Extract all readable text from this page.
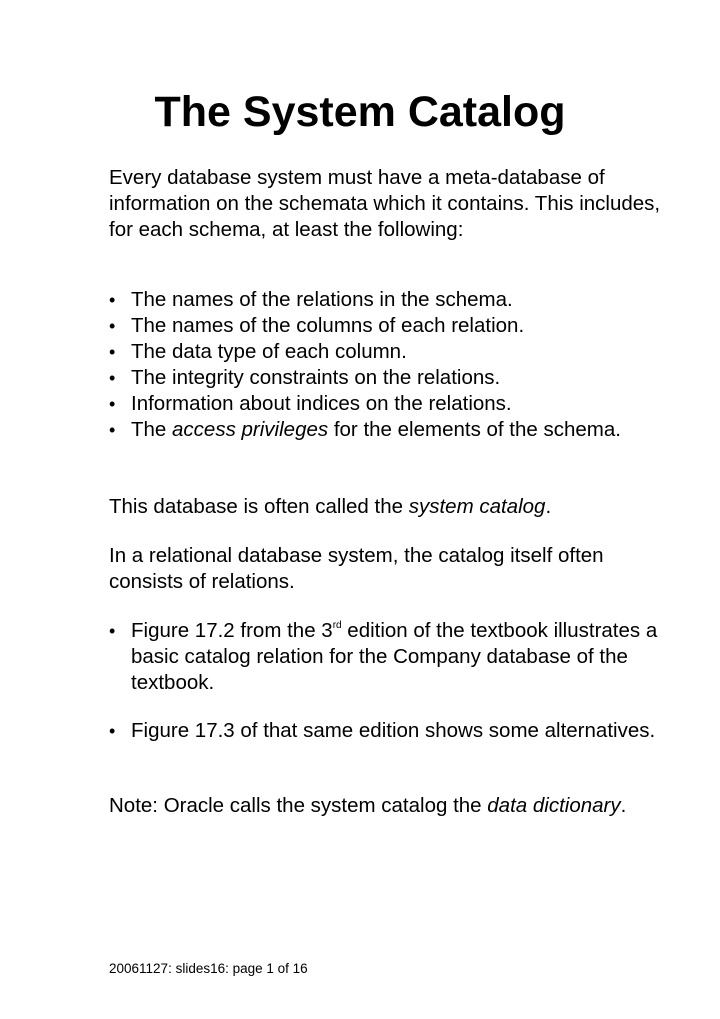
The System Catalog

Every database system must have a meta-database of information on the schemata which it contains. This includes, for each schema, at least the following:

•
The names of the relations in the schema.
•
The names of the columns of each relation.
•
The data type of each column.
•
The integrity constraints on the relations.
•
Information about indices on the relations.
•
The access privileges for the elements of the schema.

This database is often called the system catalog.

In a relational database system, the catalog itself often consists of relations.

•
Figure 17.2 from the 3rd edition of the textbook illustrates a basic catalog relation for the Company database of the textbook.
•
Figure 17.3 of that same edition shows some alternatives.

Note: Oracle calls the system catalog the data dictionary.

20061127: slides16: page 1 of 16
